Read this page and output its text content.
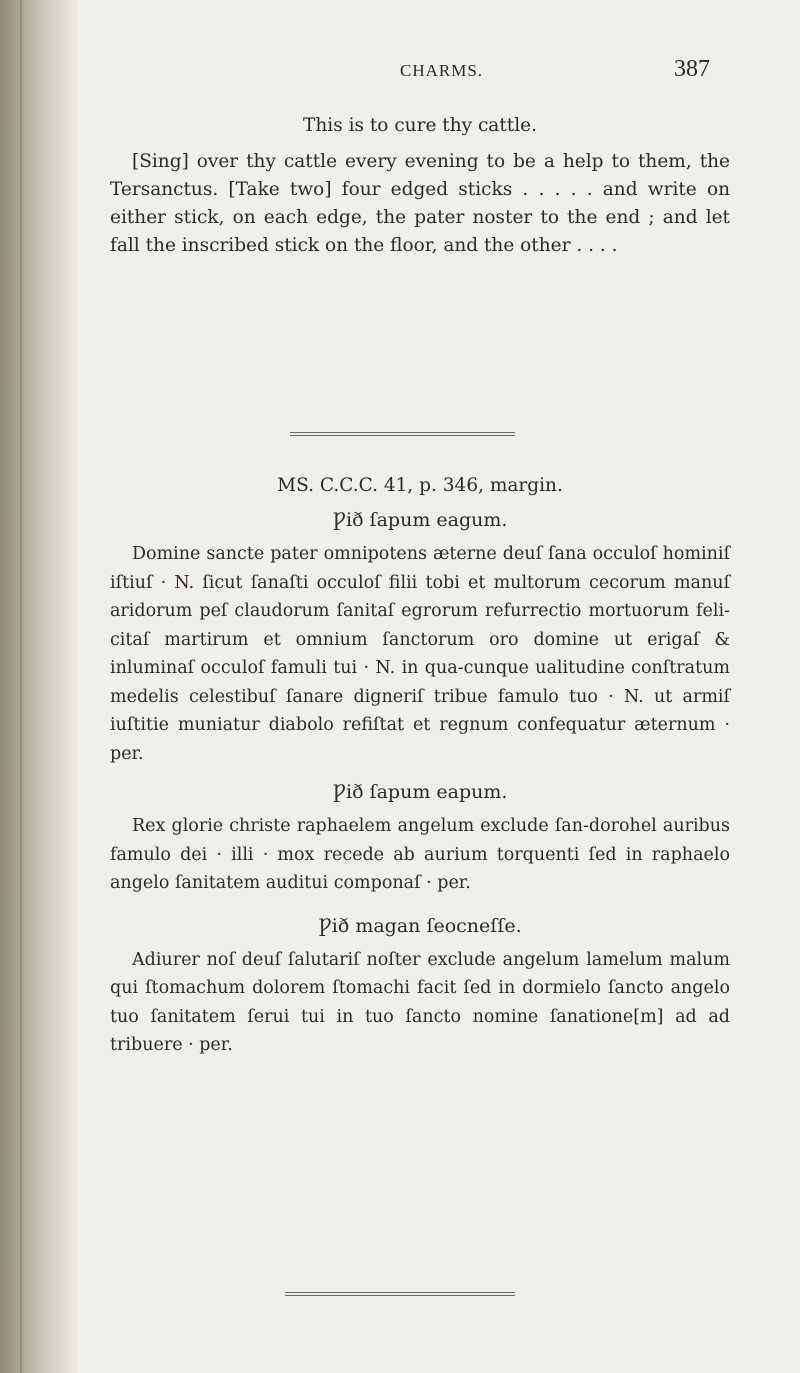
CHARMS.	387

This is to cure thy cattle.

[Sing] over thy cattle every evening to be a help to them, the Tersanctus. [Take two] four edged sticks . . . . . and write on either stick, on each edge, the pater noster to the end ; and let fall the inscribed stick on the floor, and the other . . . .

MS. C.C.C. 41, p. 346, margin.

Ƿið ſapum eagum.

Domine sancte pater omnipotens æterne deuſ ſana occuloſ hominiſ iſtiuſ · N. ſicut ſanaſti occuloſ filii tobi et multorum cecorum manuſ aridorum peſ claudorum ſanitaſ egrorum refurrectio mortuorum feli-citaſ martirum et omnium ſanctorum oro domine ut erigaſ & inluminaſ occuloſ famuli tui · N. in qua-cunque ualitudine conſtratum medelis celestibuſ ſanare digneriſ tribue famulo tuo · N. ut armiſ iuſtitie muniatur diabolo refiſtat et regnum confequatur æternum · per.

Ƿið ſapum eapum.

Rex glorie christe raphaelem angelum exclude ſan-dorohel auribus famulo dei · illi · mox recede ab aurium torquenti ſed in raphaelo angelo ſanitatem auditui componaſ · per.

Ƿið magan ſeocneſſe.

Adiurer noſ deuſ ſalutariſ noſter exclude angelum lamelum malum qui ſtomachum dolorem ſtomachi facit ſed in dormielo ſancto angelo tuo ſanitatem ſerui tui in tuo ſancto nomine ſanatione[m] ad ad tribuere · per.
